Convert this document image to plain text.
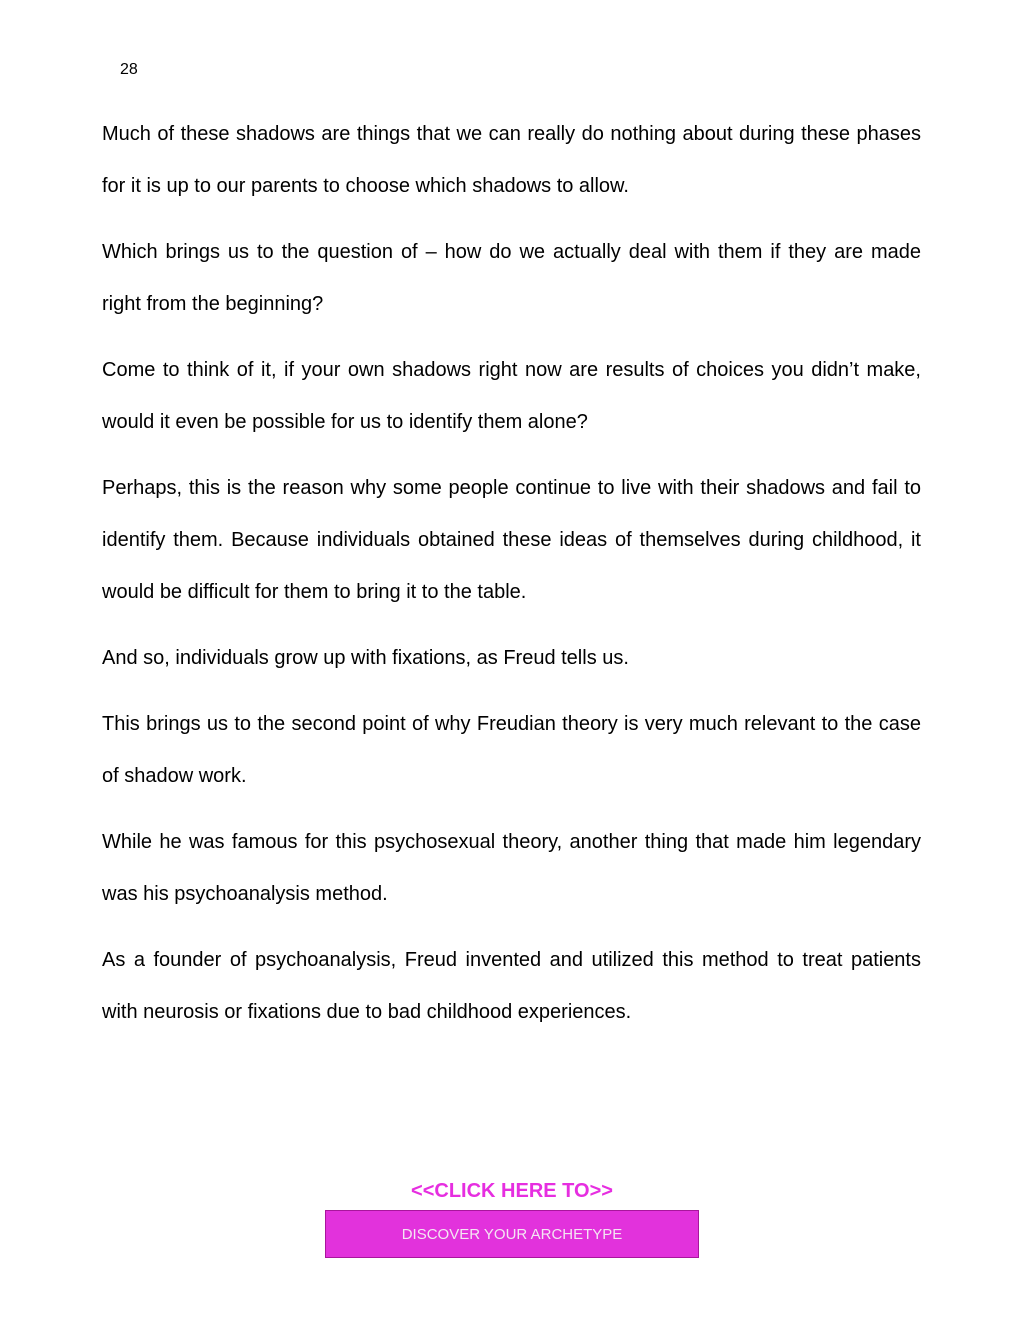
28

Much of these shadows are things that we can really do nothing about during these phases for it is up to our parents to choose which shadows to allow.

Which brings us to the question of – how do we actually deal with them if they are made right from the beginning?

Come to think of it, if your own shadows right now are results of choices you didn’t make, would it even be possible for us to identify them alone?

Perhaps, this is the reason why some people continue to live with their shadows and fail to identify them. Because individuals obtained these ideas of themselves during childhood, it would be difficult for them to bring it to the table.

And so, individuals grow up with fixations, as Freud tells us.

This brings us to the second point of why Freudian theory is very much relevant to the case of shadow work.

While he was famous for this psychosexual theory, another thing that made him legendary was his psychoanalysis method.

As a founder of psychoanalysis, Freud invented and utilized this method to treat patients with neurosis or fixations due to bad childhood experiences.

<<CLICK HERE TO>>
DISCOVER YOUR ARCHETYPE
